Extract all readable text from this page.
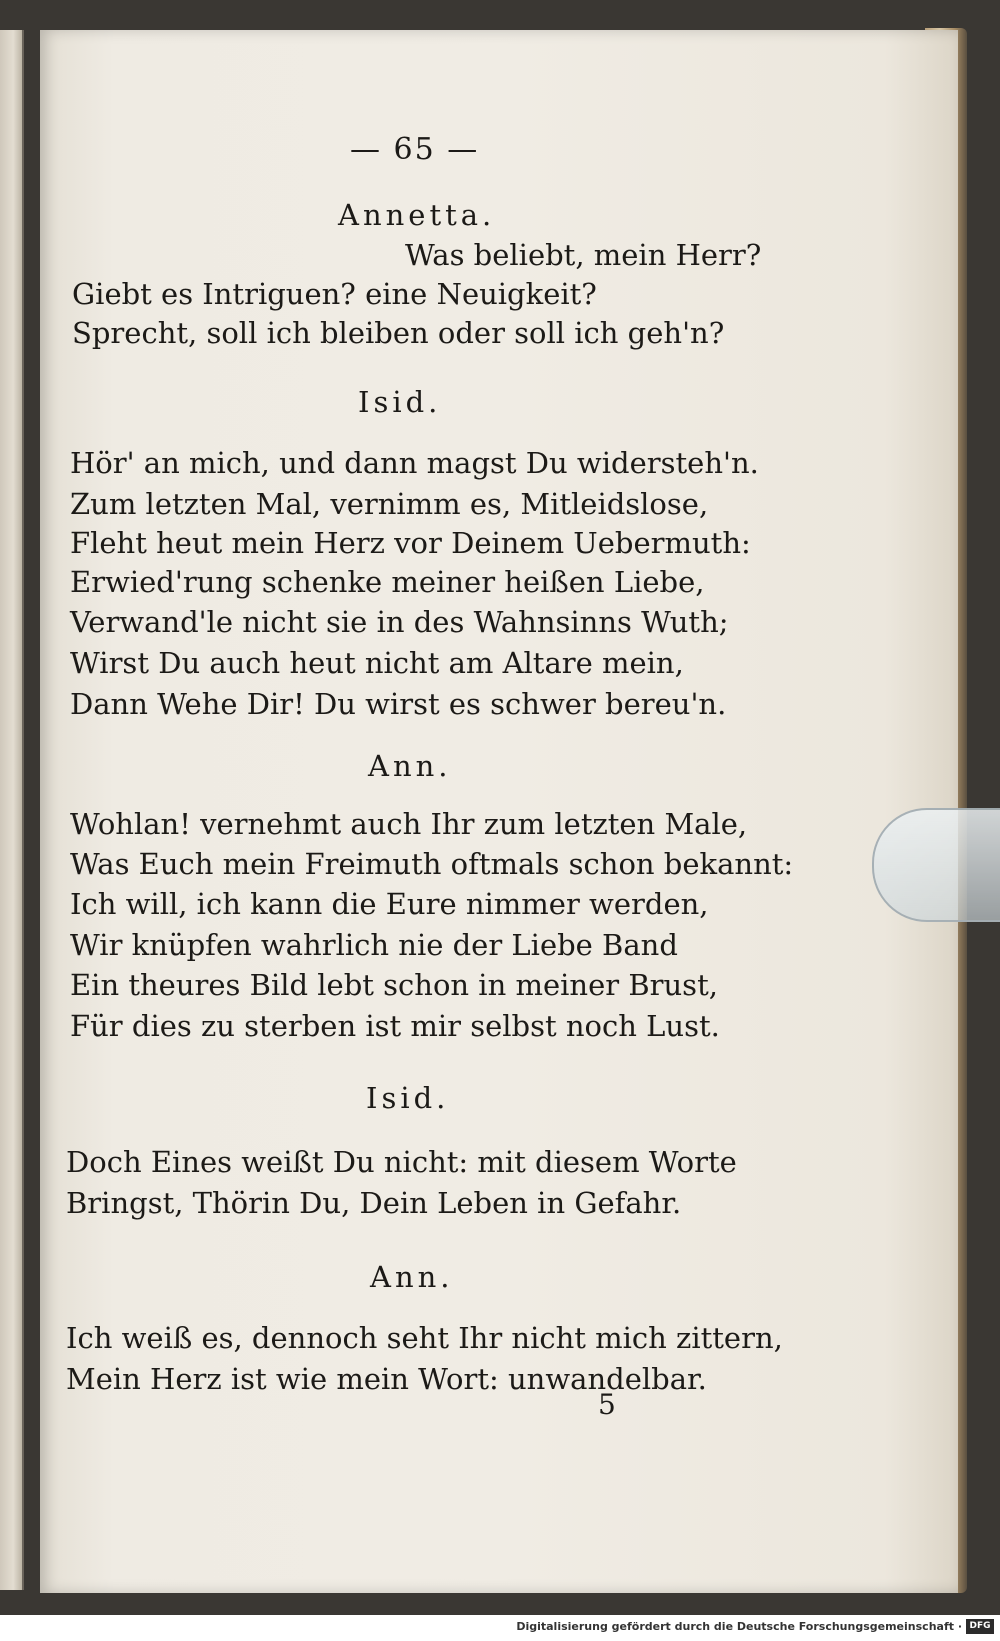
— 65 —
Annetta.
Was beliebt, mein Herr?
Giebt es Intriguen? eine Neuigkeit?
Sprecht, soll ich bleiben oder soll ich geh'n?
Isid.
Hör' an mich, und dann magst Du widersteh'n.
Zum letzten Mal, vernimm es, Mitleidslose,
Fleht heut mein Herz vor Deinem Uebermuth:
Erwied'rung schenke meiner heißen Liebe,
Verwand'le nicht sie in des Wahnsinns Wuth;
Wirst Du auch heut nicht am Altare mein,
Dann Wehe Dir! Du wirst es schwer bereu'n.
Ann.
Wohlan! vernehmt auch Ihr zum letzten Male,
Was Euch mein Freimuth oftmals schon bekannt:
Ich will, ich kann die Eure nimmer werden,
Wir knüpfen wahrlich nie der Liebe Band
Ein theures Bild lebt schon in meiner Brust,
Für dies zu sterben ist mir selbst noch Lust.
Isid.
Doch Eines weißt Du nicht: mit diesem Worte
Bringst, Thörin Du, Dein Leben in Gefahr.
Ann.
Ich weiß es, dennoch seht Ihr nicht mich zittern,
Mein Herz ist wie mein Wort: unwandelbar.
5
Digitalisierung gefördert durch die Deutsche Forschungsgemeinschaft · DFG
